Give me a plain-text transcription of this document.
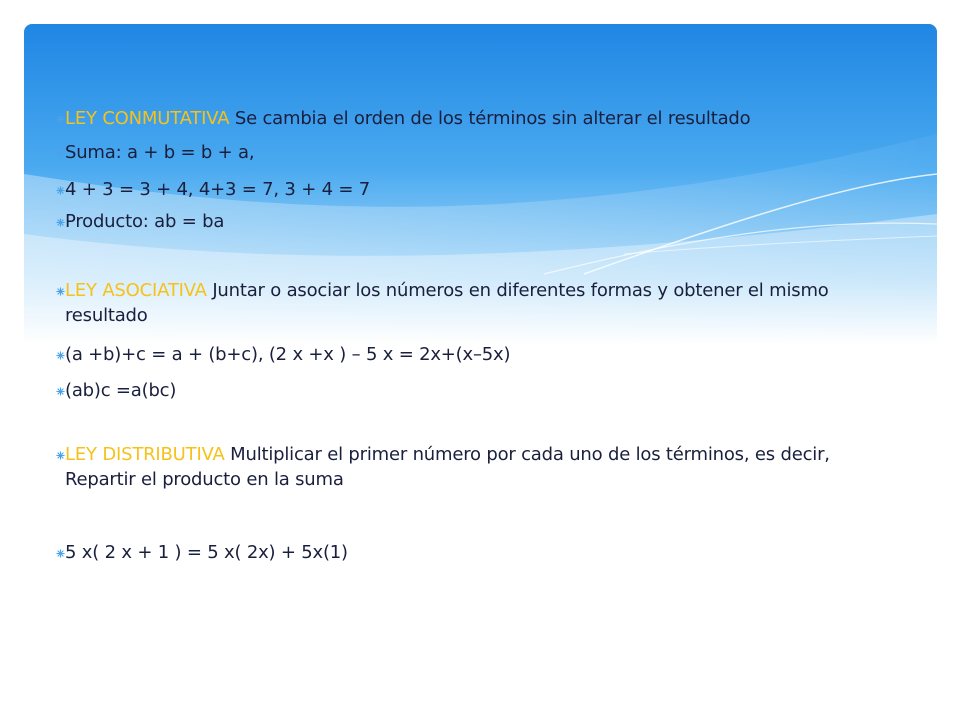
LEY CONMUTATIVA Se cambia el orden de los términos sin alterar el resultado
Suma: a + b = b + a,
4 + 3 = 3 + 4, 4+3 = 7, 3 + 4 = 7
Producto: ab = ba
LEY ASOCIATIVA Juntar o asociar los números en diferentes formas y obtener el mismo resultado
(a +b)+c = a + (b+c), (2 x +x ) – 5 x = 2x+(x–5x)
(ab)c =a(bc)
LEY DISTRIBUTIVA Multiplicar el primer número por cada uno de los términos, es decir, Repartir el producto en la suma
5 x( 2 x + 1 ) = 5 x( 2x) + 5x(1)
